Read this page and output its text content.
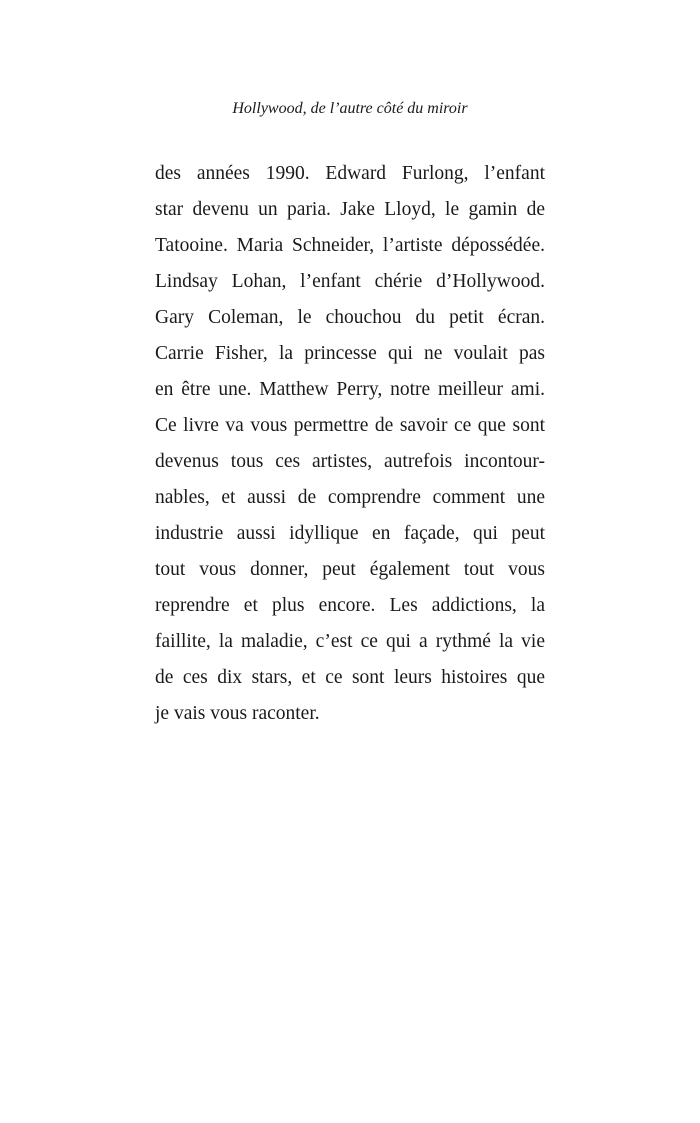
Hollywood, de l’autre côté du miroir
des années 1990. Edward Furlong, l’enfant
star devenu un paria. Jake Lloyd, le gamin de
Tatooine. Maria Schneider, l’artiste dépossédée.
Lindsay Lohan, l’enfant chérie d’Hollywood.
Gary Coleman, le chouchou du petit écran.
Carrie Fisher, la princesse qui ne voulait pas
en être une. Matthew Perry, notre meilleur ami.
Ce livre va vous permettre de savoir ce que sont
devenus tous ces artistes, autrefois incontour-
nables, et aussi de comprendre comment une
industrie aussi idyllique en façade, qui peut
tout vous donner, peut également tout vous
reprendre et plus encore. Les addictions, la
faillite, la maladie, c’est ce qui a rythmé la vie
de ces dix stars, et ce sont leurs histoires que
je vais vous raconter.
